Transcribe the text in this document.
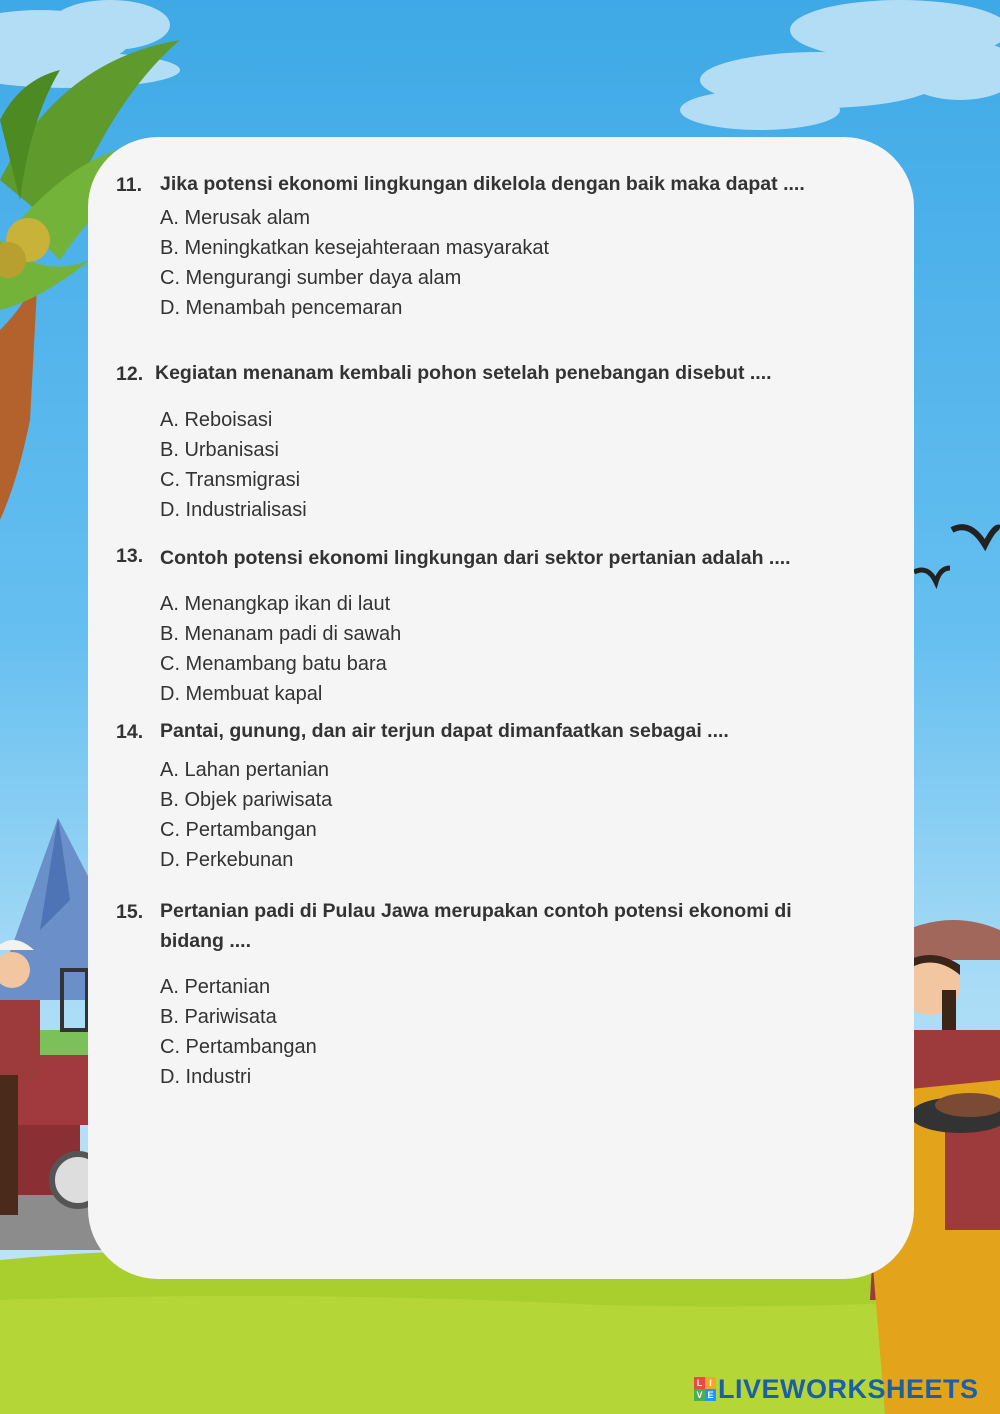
11. Jika potensi ekonomi lingkungan dikelola dengan baik maka dapat ....
A. Merusak alam
B. Meningkatkan kesejahteraan masyarakat
C. Mengurangi sumber daya alam
D. Menambah pencemaran
12. Kegiatan menanam kembali pohon setelah penebangan disebut ....
A. Reboisasi
B. Urbanisasi
C. Transmigrasi
D. Industrialisasi
13. Contoh potensi ekonomi lingkungan dari sektor pertanian adalah ....
A. Menangkap ikan di laut
B. Menanam padi di sawah
C. Menambang batu bara
D. Membuat kapal
14. Pantai, gunung, dan air terjun dapat dimanfaatkan sebagai ....
A. Lahan pertanian
B. Objek pariwisata
C. Pertambangan
D. Perkebunan
15. Pertanian padi di Pulau Jawa merupakan contoh potensi ekonomi di bidang ....
A. Pertanian
B. Pariwisata
C. Pertambangan
D. Industri
L I
V E LIVEWORKSHEETS
